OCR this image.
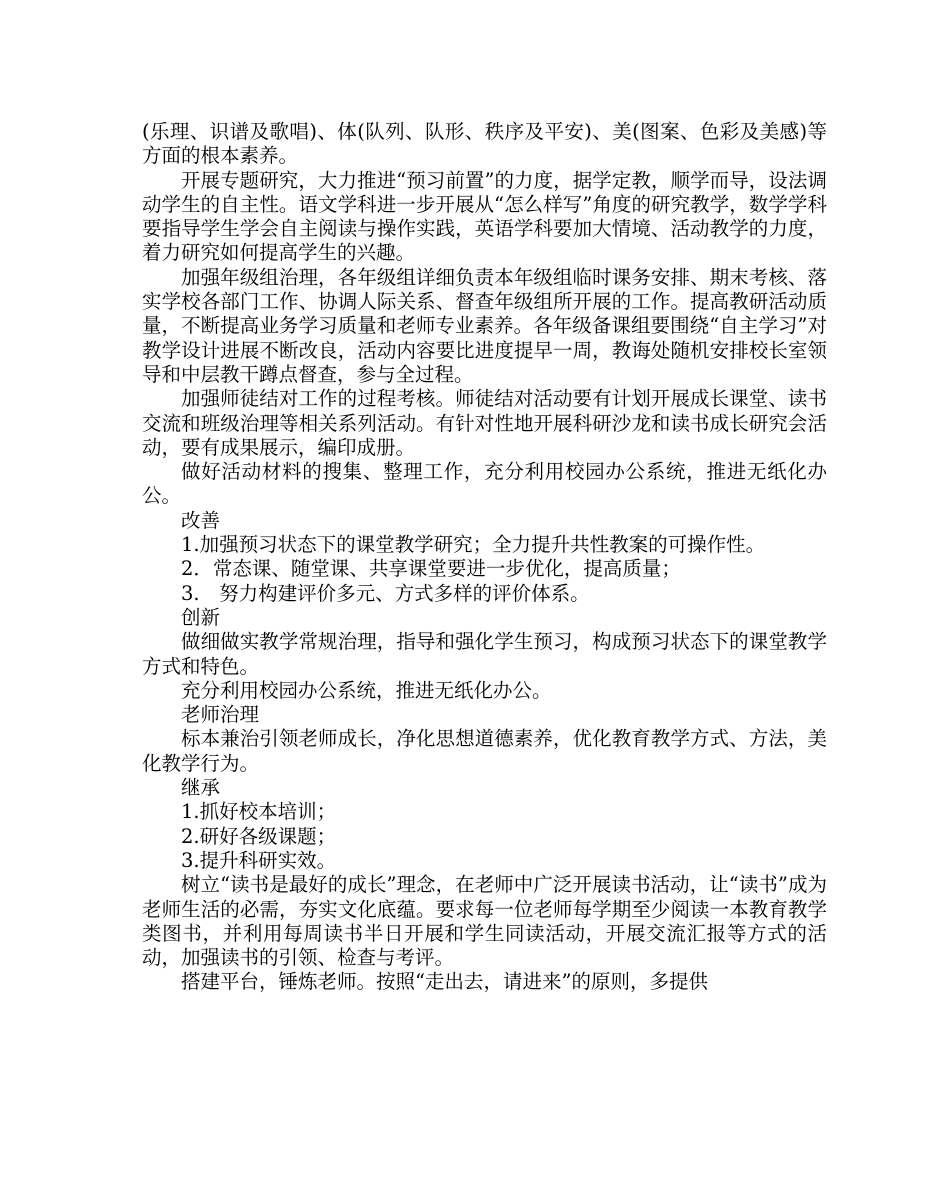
(乐理、识谱及歌唱)、体(队列、队形、秩序及平安)、美(图案、色彩及美感)等方面的根本素养。

开展专题研究，大力推进“预习前置”的力度，据学定教，顺学而导，设法调动学生的自主性。语文学科进一步开展从“怎么样写”角度的研究教学，数学学科要指导学生学会自主阅读与操作实践，英语学科要加大情境、活动教学的力度，着力研究如何提高学生的兴趣。

加强年级组治理，各年级组详细负责本年级组临时课务安排、期末考核、落实学校各部门工作、协调人际关系、督查年级组所开展的工作。提高教研活动质量，不断提高业务学习质量和老师专业素养。各年级备课组要围绕“自主学习”对教学设计进展不断改良，活动内容要比进度提早一周，教诲处随机安排校长室领导和中层教干蹲点督查，参与全过程。

加强师徒结对工作的过程考核。师徒结对活动要有计划开展成长课堂、读书交流和班级治理等相关系列活动。有针对性地开展科研沙龙和读书成长研究会活动，要有成果展示，编印成册。

做好活动材料的搜集、整理工作，充分利用校园办公系统，推进无纸化办公。

改善

1.加强预习状态下的课堂教学研究；全力提升共性教案的可操作性。

2．常态课、随堂课、共享课堂要进一步优化，提高质量；

3.　努力构建评价多元、方式多样的评价体系。

创新

做细做实教学常规治理，指导和强化学生预习，构成预习状态下的课堂教学方式和特色。

充分利用校园办公系统，推进无纸化办公。

老师治理

标本兼治引领老师成长，净化思想道德素养，优化教育教学方式、方法，美化教学行为。

继承

1.抓好校本培训；

2.研好各级课题；

3.提升科研实效。

树立“读书是最好的成长”理念，在老师中广泛开展读书活动，让“读书”成为老师生活的必需，夯实文化底蕴。要求每一位老师每学期至少阅读一本教育教学类图书，并利用每周读书半日开展和学生同读活动，开展交流汇报等方式的活动，加强读书的引领、检查与考评。

搭建平台，锤炼老师。按照“走出去，请进来”的原则，多提供
